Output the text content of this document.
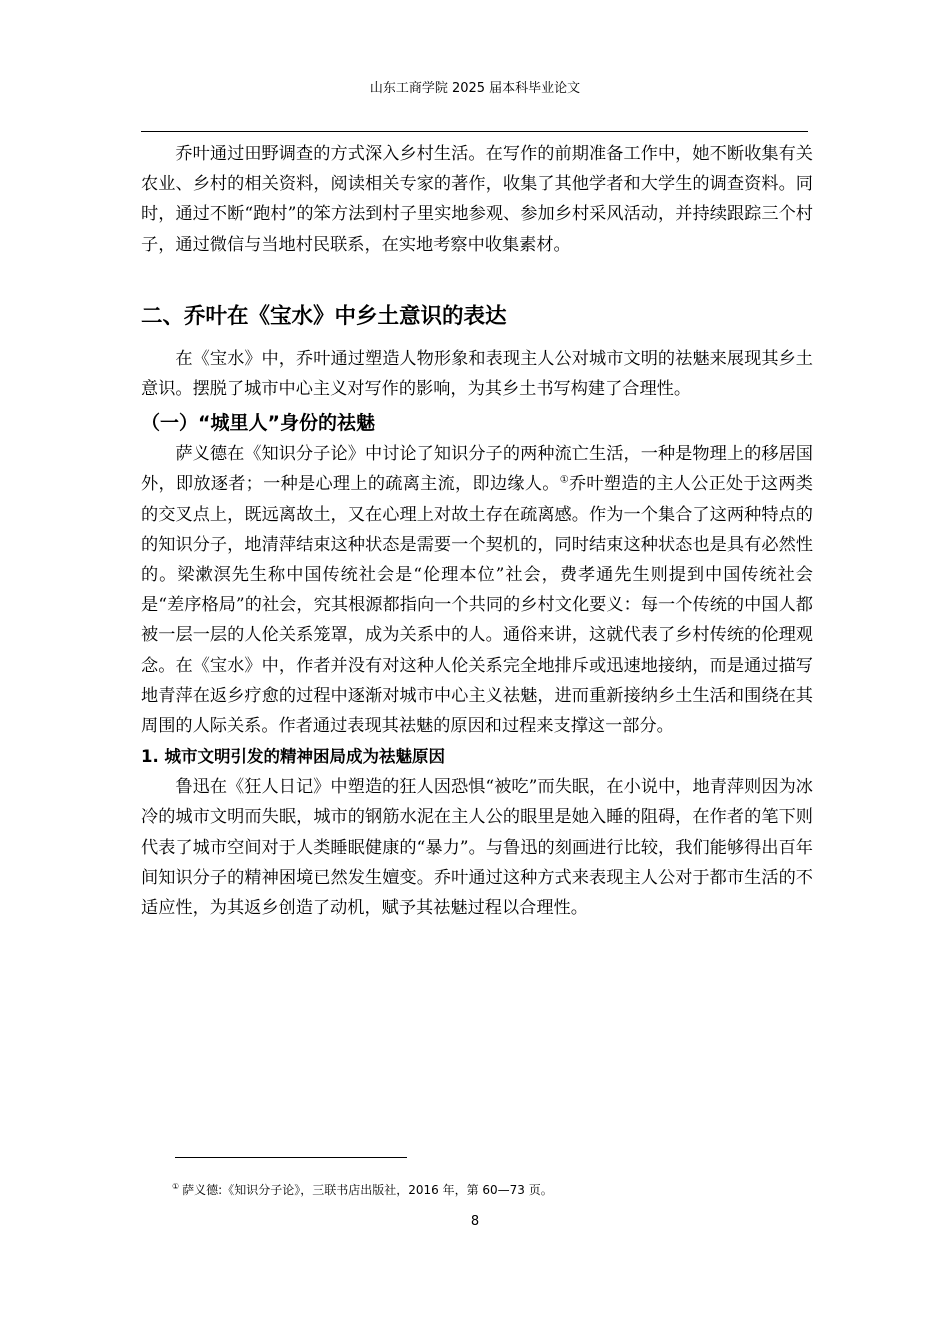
山东工商学院 2025 届本科毕业论文

乔叶通过田野调查的方式深入乡村生活。在写作的前期准备工作中，她不断收集有关农业、乡村的相关资料，阅读相关专家的著作，收集了其他学者和大学生的调查资料。同时，通过不断“跑村”的笨方法到村子里实地参观、参加乡村采风活动，并持续跟踪三个村子，通过微信与当地村民联系，在实地考察中收集素材。

二、乔叶在《宝水》中乡土意识的表达

在《宝水》中，乔叶通过塑造人物形象和表现主人公对城市文明的祛魅来展现其乡土意识。摆脱了城市中心主义对写作的影响，为其乡土书写构建了合理性。

（一）“城里人”身份的祛魅

萨义德在《知识分子论》中讨论了知识分子的两种流亡生活，一种是物理上的移居国外，即放逐者；一种是心理上的疏离主流，即边缘人。①乔叶塑造的主人公正处于这两类的交叉点上，既远离故土，又在心理上对故土存在疏离感。作为一个集合了这两种特点的的知识分子，地清萍结束这种状态是需要一个契机的，同时结束这种状态也是具有必然性的。梁漱溟先生称中国传统社会是“伦理本位”社会，费孝通先生则提到中国传统社会是“差序格局”的社会，究其根源都指向一个共同的乡村文化要义：每一个传统的中国人都被一层一层的人伦关系笼罩，成为关系中的人。通俗来讲，这就代表了乡村传统的伦理观念。在《宝水》中，作者并没有对这种人伦关系完全地排斥或迅速地接纳，而是通过描写地青萍在返乡疗愈的过程中逐渐对城市中心主义祛魅，进而重新接纳乡土生活和围绕在其周围的人际关系。作者通过表现其祛魅的原因和过程来支撑这一部分。

1. 城市文明引发的精神困局成为祛魅原因

鲁迅在《狂人日记》中塑造的狂人因恐惧“被吃”而失眠，在小说中，地青萍则因为冰冷的城市文明而失眠，城市的钢筋水泥在主人公的眼里是她入睡的阻碍，在作者的笔下则代表了城市空间对于人类睡眠健康的“暴力”。与鲁迅的刻画进行比较，我们能够得出百年间知识分子的精神困境已然发生嬗变。乔叶通过这种方式来表现主人公对于都市生活的不适应性，为其返乡创造了动机，赋予其祛魅过程以合理性。

① 萨义德:《知识分子论》，三联书店出版社，2016 年，第 60—73 页。
8
